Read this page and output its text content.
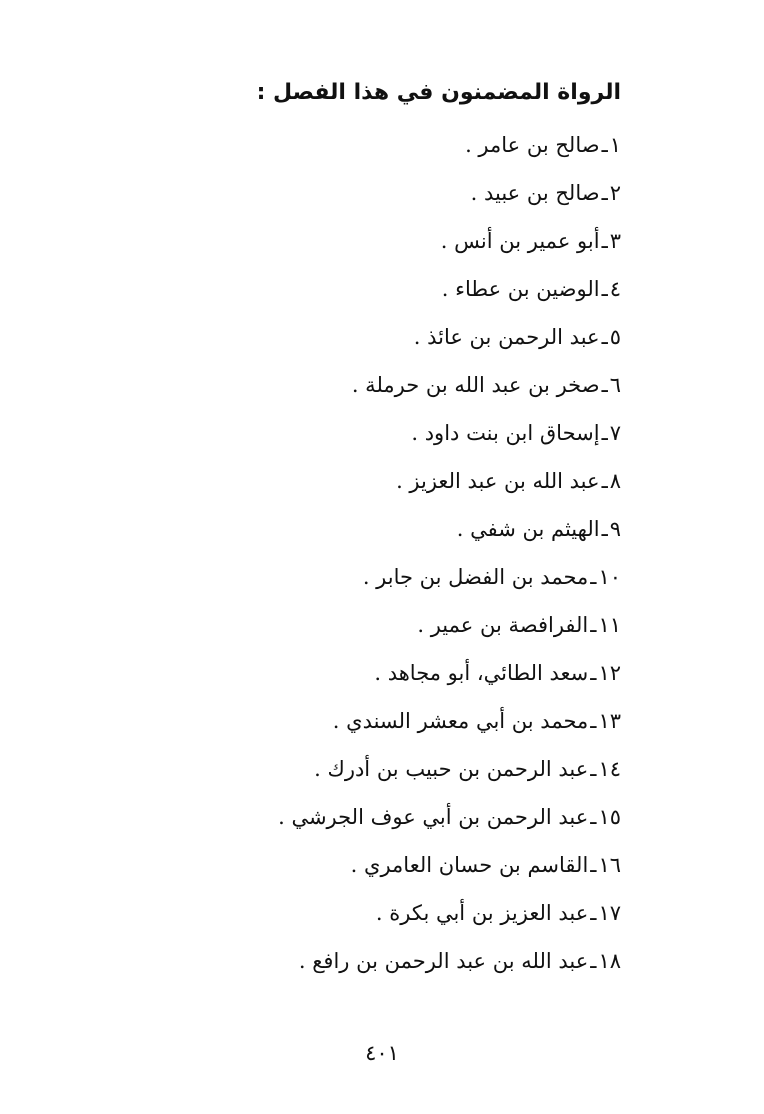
الرواة المضمنون في هذا الفصل :
١ـصالح بن عامر .
٢ـصالح بن عبيد .
٣ـأبو عمير بن أنس .
٤ـالوضين بن عطاء .
٥ـعبد الرحمن بن عائذ .
٦ـصخر بن عبد الله بن حرملة .
٧ـإسحاق ابن بنت داود .
٨ـعبد الله بن عبد العزيز .
٩ـالهيثم بن شفي .
١٠ـمحمد بن الفضل بن جابر .
١١ـالفرافصة بن عمير .
١٢ـسعد الطائي، أبو مجاهد .
١٣ـمحمد بن أبي معشر السندي .
١٤ـعبد الرحمن بن حبيب بن أدرك .
١٥ـعبد الرحمن بن أبي عوف الجرشي .
١٦ـالقاسم بن حسان العامري .
١٧ـعبد العزيز بن أبي بكرة .
١٨ـعبد الله بن عبد الرحمن بن رافع .
٤٠١
